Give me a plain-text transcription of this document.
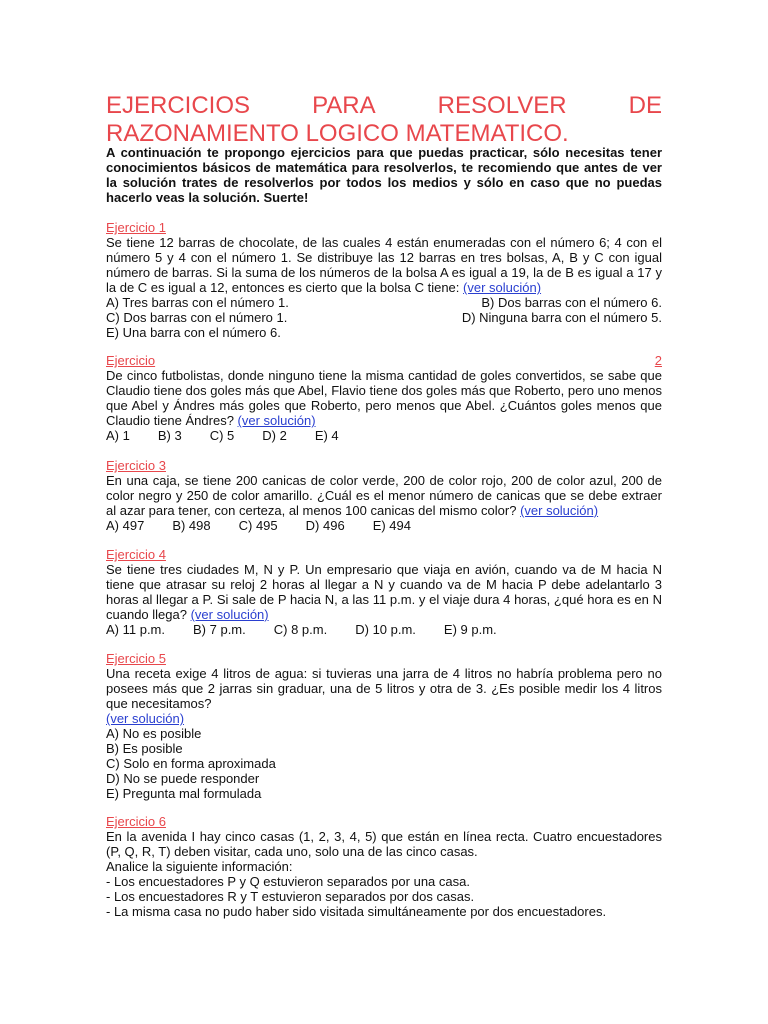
EJERCICIOS	PARA	RESOLVER	DE
RAZONAMIENTO LOGICO MATEMATICO.

A continuación te propongo ejercicios para que puedas practicar, sólo necesitas tener conocimientos básicos de matemática para resolverlos, te recomiendo que antes de ver la solución trates de resolverlos por todos los medios y sólo en caso que no puedas hacerlo veas la solución. Suerte!

Ejercicio 1

Se tiene 12 barras de chocolate, de las cuales 4 están enumeradas con el número 6; 4 con el número 5 y 4 con el número 1. Se distribuye las 12 barras en tres bolsas, A, B y C con igual número de barras. Si la suma de los números de la bolsa A es igual a 19, la de B es igual a 17 y la de C es igual a 12, entonces es cierto que la bolsa C tiene: (ver solución)

A) Tres barras con el número 1.	B) Dos barras con el número 6.
C) Dos barras con el número 1.	D) Ninguna barra con el número 5.
E) Una barra con el número 6.
Ejercicio	2

De cinco futbolistas, donde ninguno tiene la misma cantidad de goles convertidos, se sabe que Claudio tiene dos goles más que Abel, Flavio tiene dos goles más que Roberto, pero uno menos que Abel y Ándres más goles que Roberto, pero menos que Abel. ¿Cuántos goles menos que Claudio tiene Ándres? (ver solución)

A) 1 B) 3 C) 5 D) 2 E) 4
Ejercicio 3

En una caja, se tiene 200 canicas de color verde, 200 de color rojo, 200 de color azul, 200 de color negro y 250 de color amarillo. ¿Cuál es el menor número de canicas que se debe extraer al azar para tener, con certeza, al menos 100 canicas del mismo color? (ver solución)

A) 497 B) 498 C) 495 D) 496 E) 494
Ejercicio 4

Se tiene tres ciudades M, N y P. Un empresario que viaja en avión, cuando va de M hacia N tiene que atrasar su reloj 2 horas al llegar a N y cuando va de M hacia P debe adelantarlo 3 horas al llegar a P. Si sale de P hacia N, a las 11 p.m. y el viaje dura 4 horas, ¿qué hora es en N cuando llega? (ver solución)

A) 11 p.m. B) 7 p.m. C) 8 p.m. D) 10 p.m. E) 9 p.m.
Ejercicio 5

Una receta exige 4 litros de agua: si tuvieras una jarra de 4 litros no habría problema pero no posees más que 2 jarras sin graduar, una de 5 litros y otra de 3. ¿Es posible medir los 4 litros que necesitamos?

(ver solución)
A) No es posible
B) Es posible
C) Solo en forma aproximada
D) No se puede responder
E) Pregunta mal formulada
Ejercicio 6

En la avenida I hay cinco casas (1, 2, 3, 4, 5) que están en línea recta. Cuatro encuestadores (P, Q, R, T) deben visitar, cada uno, solo una de las cinco casas.

Analice la siguiente información:
- Los encuestadores P y Q estuvieron separados por una casa.
- Los encuestadores R y T estuvieron separados por dos casas.
- La misma casa no pudo haber sido visitada simultáneamente por dos encuestadores.
